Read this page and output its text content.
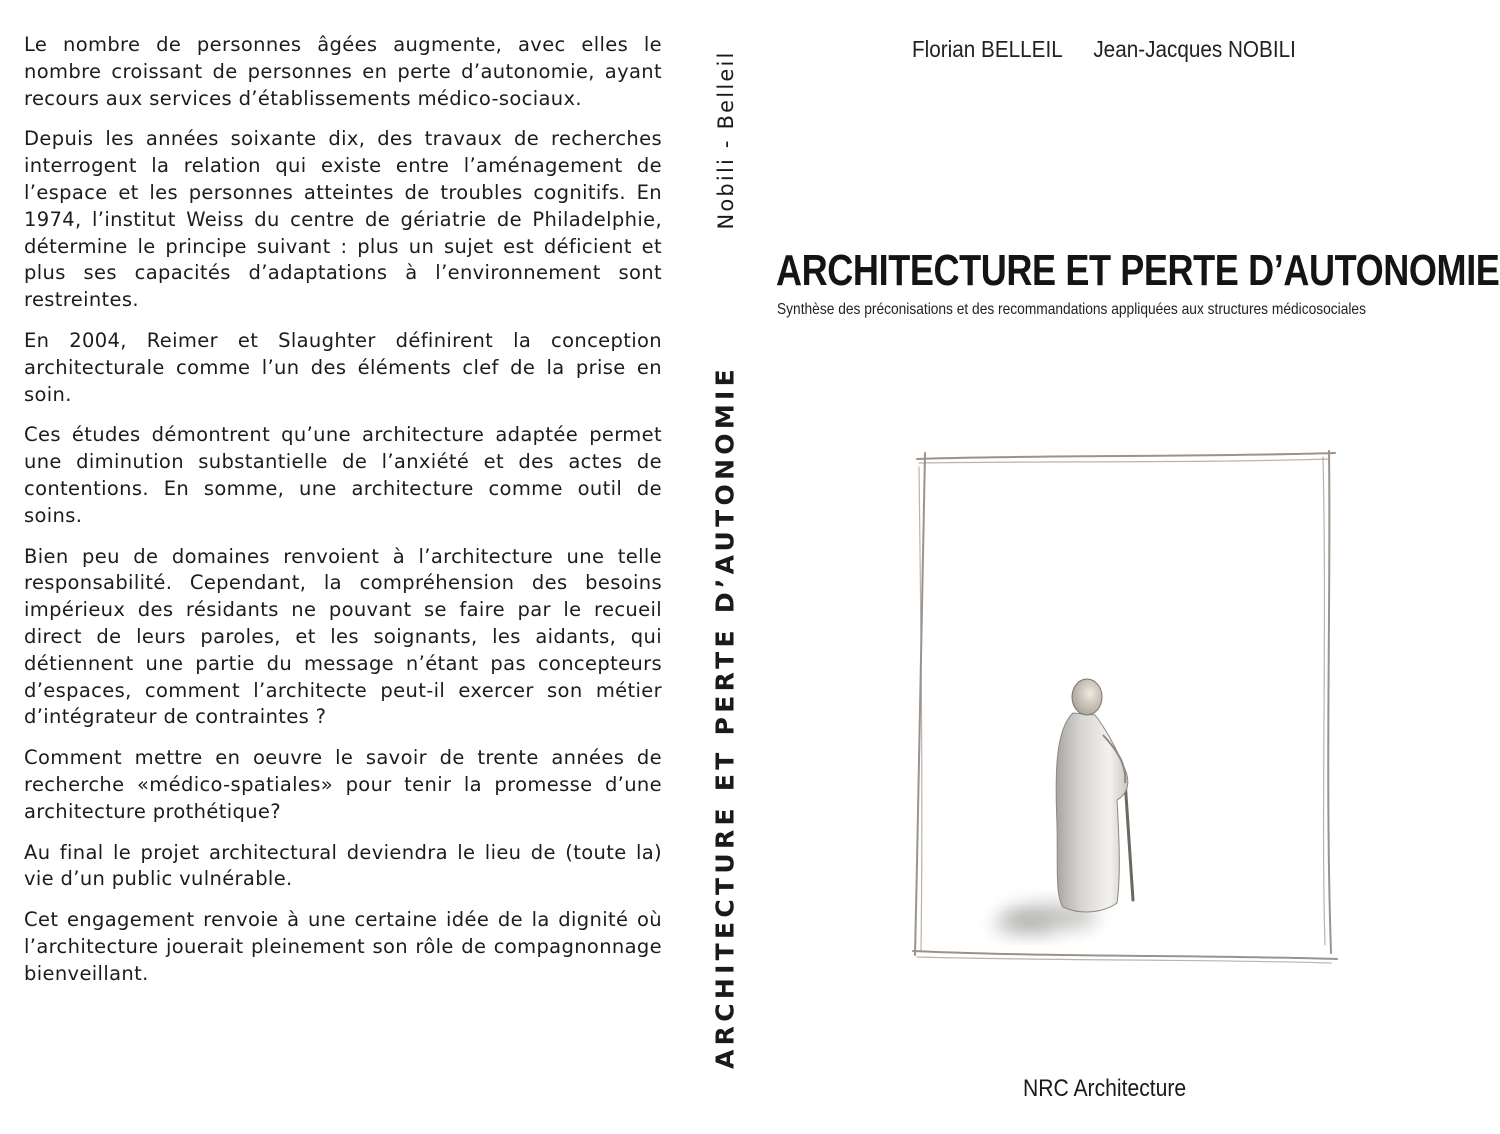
Le nombre de personnes âgées augmente, avec elles le nombre croissant de personnes en perte d’autonomie, ayant recours aux services d’établissements médico-sociaux.

Depuis les années soixante dix, des travaux de recherches interrogent la relation qui existe entre l’aménagement de l’espace et les personnes atteintes de troubles cognitifs. En 1974, l’institut Weiss du centre de gériatrie de Philadelphie, détermine le principe suivant : plus un sujet est déficient et plus ses capacités d’adaptations à l’environnement sont restreintes.

En 2004, Reimer et Slaughter définirent la conception architecturale comme l’un des éléments clef de la prise en soin.

Ces études démontrent qu’une architecture adaptée permet une diminution substantielle de l’anxiété et des actes de contentions. En somme, une architecture comme outil de soins.

Bien peu de domaines renvoient à l’architecture une telle responsabilité. Cependant, la compréhension des besoins impérieux des résidants ne pouvant se faire par le recueil direct de leurs paroles, et les soignants, les aidants, qui détiennent une partie du message n’étant pas concepteurs d’espaces, comment l’architecte peut-il exercer son métier d’intégrateur de contraintes ?

Comment mettre en oeuvre le savoir de trente années de recherche «médico-spatiales» pour tenir la promesse d’une architecture prothétique?

Au final le projet architectural deviendra le lieu de (toute la) vie d’un public vulnérable.

Cet engagement renvoie à une certaine idée de la dignité où l’architecture jouerait pleinement son rôle de compagnonnage bienveillant.

Nobili - Belleil
ARCHITECTURE ET PERTE D’AUTONOMIE
Florian BELLEIL Jean-Jacques NOBILI
ARCHITECTURE ET PERTE D’AUTONOMIE
Synthèse des préconisations et des recommandations appliquées aux structures médicosociales
NRC Architecture
